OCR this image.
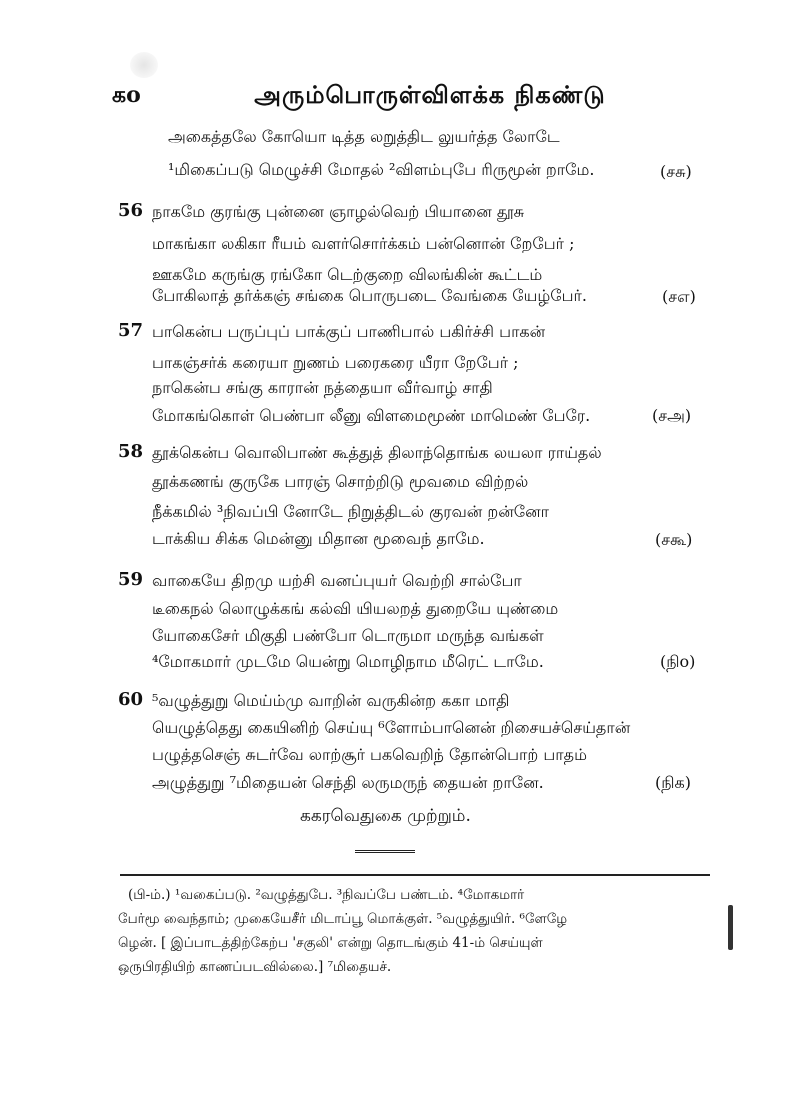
கo	அரும்பொருள்விளக்க நிகண்டு
அகைத்தலே கோயொ டித்த லறுத்திட லுயர்த்த லோடே
¹மிகைப்படு மெழுச்சி மோதல் ²விளம்புபே ரிருமூன் றாமே.	(சசு)
56 நாகமே குரங்கு புன்னை ஞாழல்வெற் பியானை தூசு
மாகங்கா லகிகா ரீயம் வளர்சொர்க்கம் பன்னொன் றேபேர் ;
ஊகமே கருங்கு ரங்கோ டெற்குறை விலங்கின் கூட்டம்
போகிலாத் தர்க்கஞ் சங்கை பொருபடை வேங்கை யேழ்பேர்.	(சஎ)
57 பாகென்ப பருப்புப் பாக்குப் பாணிபால் பகிர்ச்சி பாகன்
பாகஞ்சர்க் கரையா றுணம் பரைகரை யீரா றேபேர் ;
நாகென்ப சங்கு காரான் நத்தையா வீர்வாழ் சாதி
மோகங்கொள் பெண்பா லீனு விளமைமூண் மாமெண் பேரே.	(சஅ)
58 தூக்கென்ப வொலிபாண் கூத்துத் திலாந்தொங்க லயலா ராய்தல்
தூக்கணங் குருகே பாரஞ் சொற்றிடு மூவமை விற்றல்
நீக்கமில் ³நிவப்பி னோடே நிறுத்திடல் குரவன் றன்னோ
டாக்கிய சிக்க மென்னு மிதான மூவைந் தாமே.	(சகூ)
59 வாகையே திறமு யற்சி வனப்புயர் வெற்றி சால்போ
டீகைநல் லொழுக்கங் கல்வி யியலறத் துறையே யுண்மை
யோகைசேர் மிகுதி பண்போ டொருமா மருந்த வங்கள்
⁴மோகமார் முடமே யென்று மொழிநாம மீரெட் டாமே.	(நிo)
60 ⁵வழுத்துறு மெய்ம்மு வாறின் வருகின்ற ககா மாதி
யெழுத்தெது கையினிற் செய்யு ⁶ளோம்பானென் றிசையச்செய்தான்
பழுத்தசெஞ் சுடர்வே லாற்சூர் பகவெறிந் தோன்பொற் பாதம்
அழுத்துறு ⁷மிதையன் செந்தி லருமருந் தையன் றானே.	(நிக)
ககரவெதுகை முற்றும்.
(பி-ம்.) ¹வகைப்படு. ²வழுத்துபே. ³நிவப்பே பண்டம். ⁴மோகமார்
பேர்மூ வைந்தாம்; முகையேசீர் மிடாப்பூ மொக்குள். ⁵வழுத்துயிர். ⁶ளேழே
ழென். [ இப்பாடத்திற்கேற்ப 'சகுலி' என்று தொடங்கும் 41-ம் செய்யுள்
ஒருபிரதியிற் காணப்படவில்லை.] ⁷மிதையச்.
